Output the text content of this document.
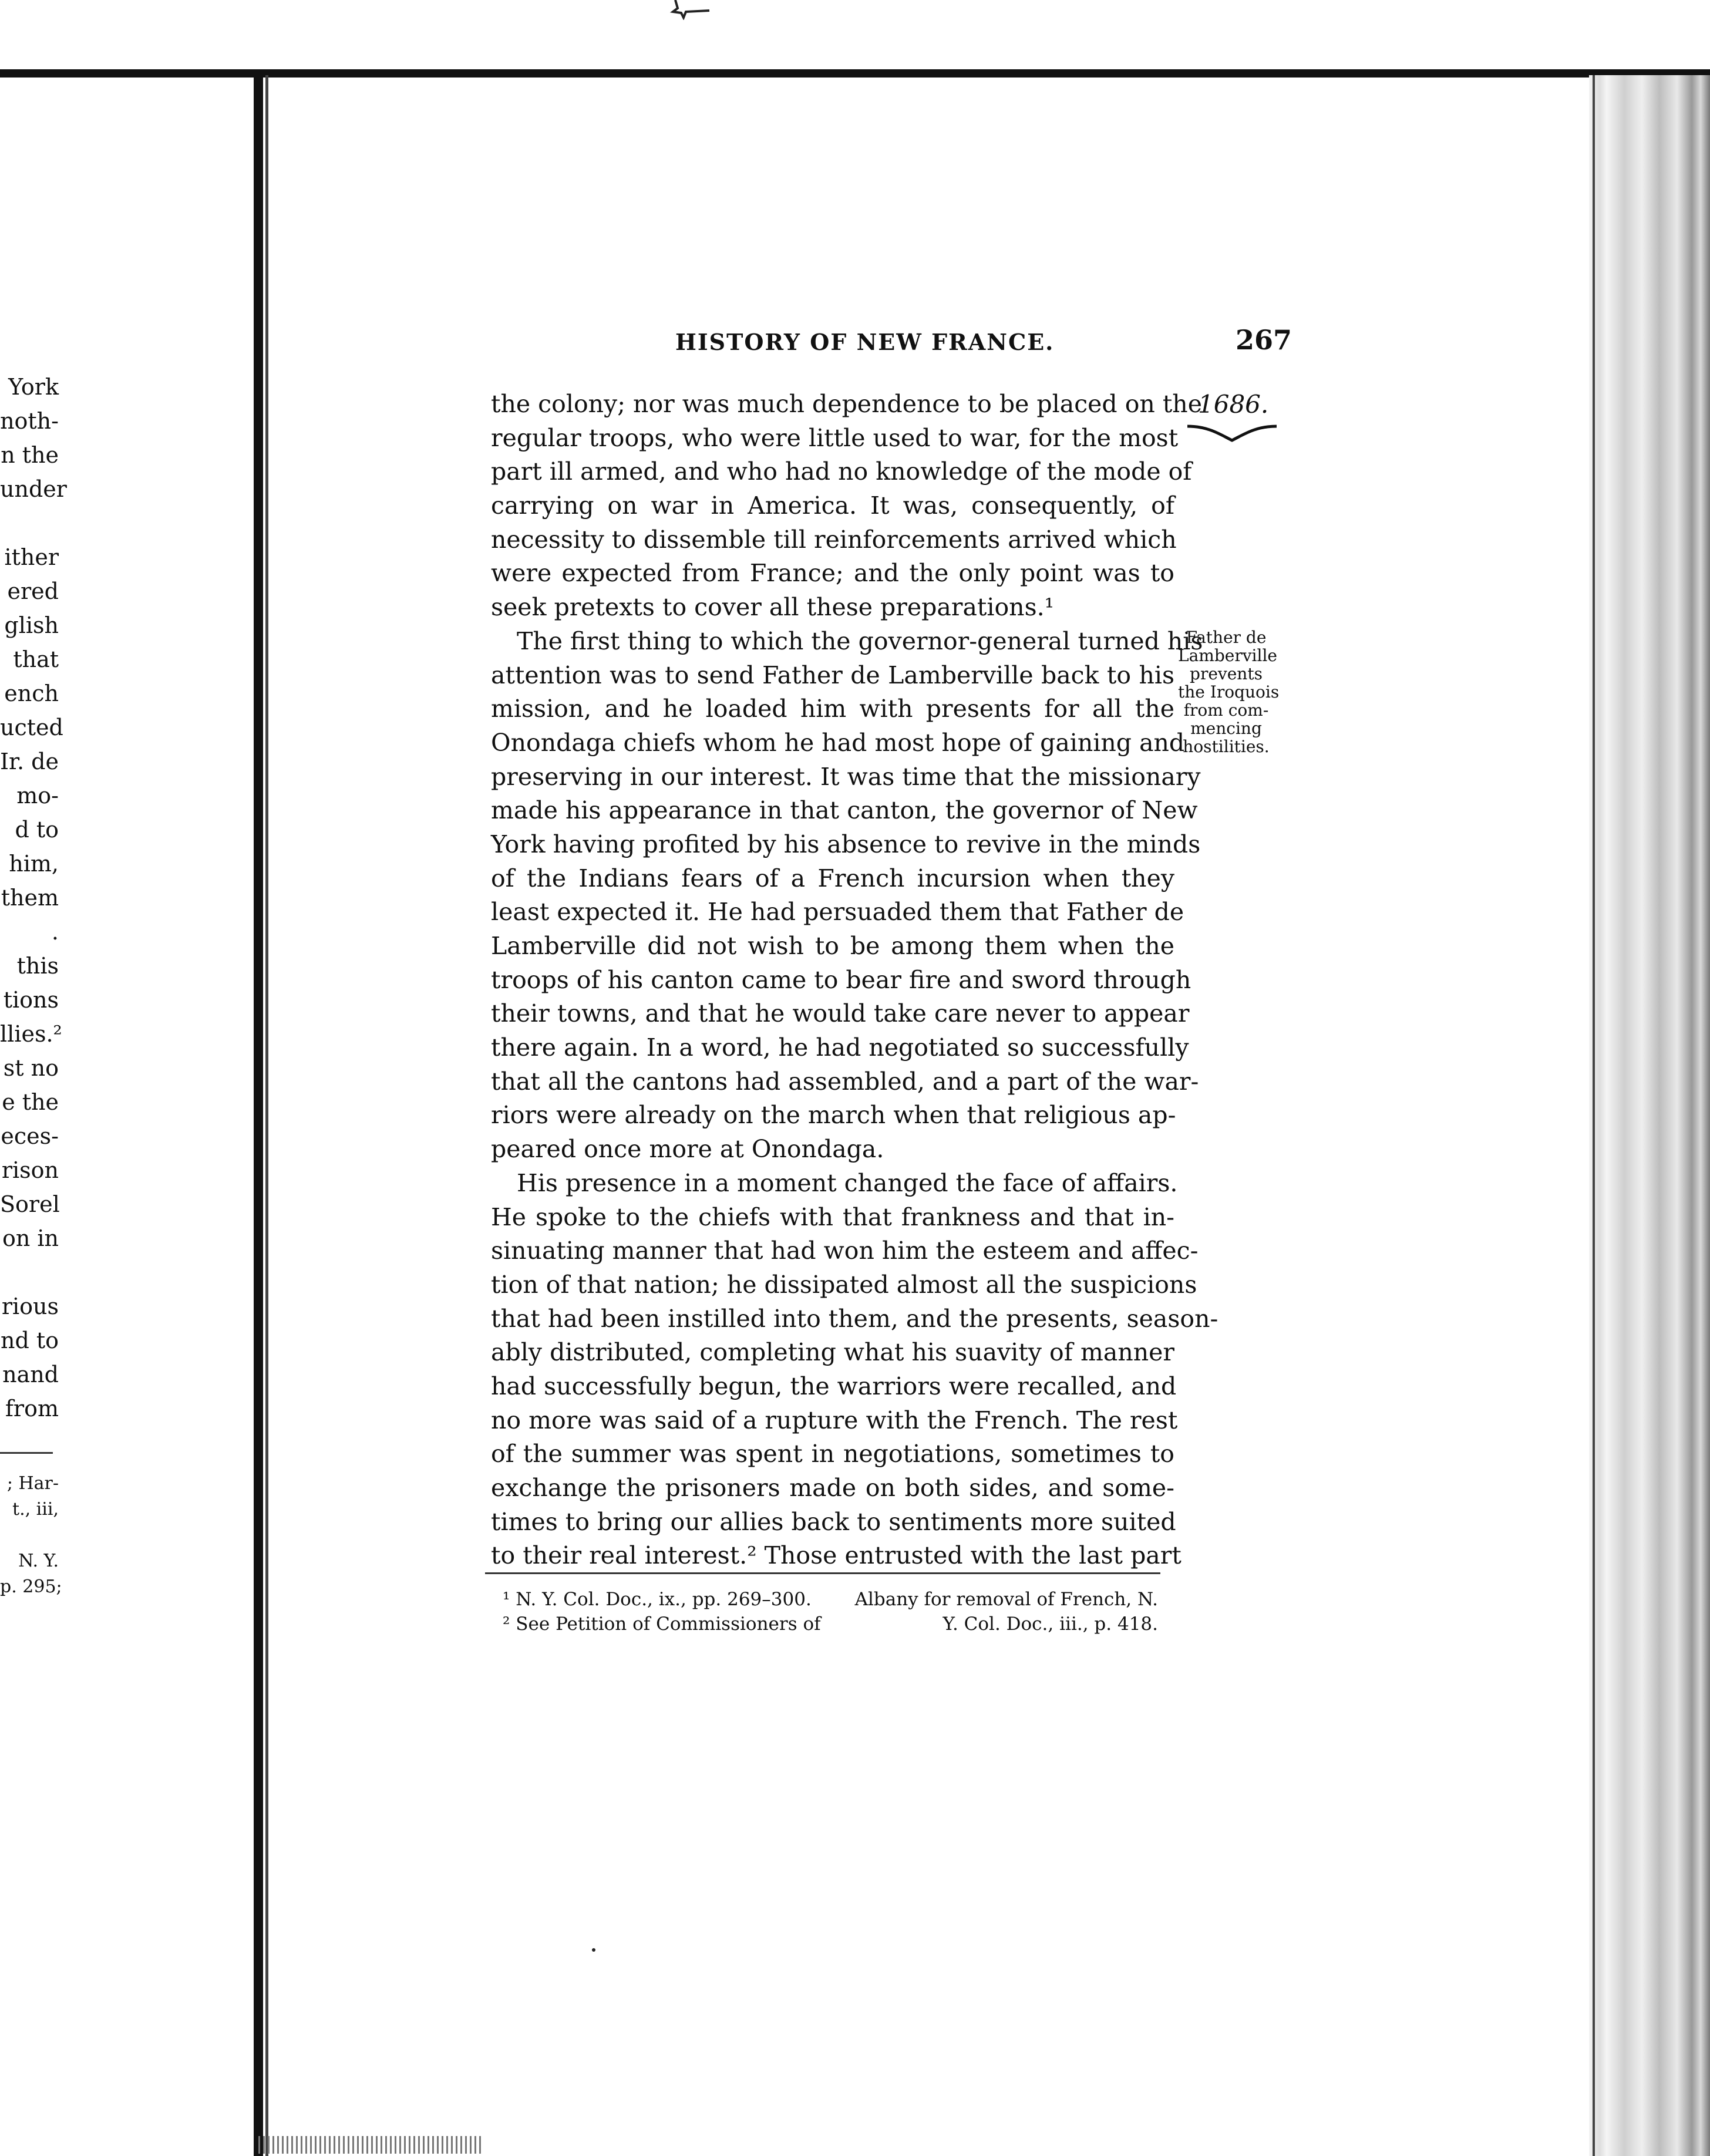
York
noth-
n the
under
ither
ered
glish
that
ench
ucted
Ir. de
mo-
d to
him,
them
.
this
tions
llies.²
st no
e the
eces-
rison
Sorel
on in
rious
nd to
nand
from
; Har-
t., iii,
N. Y.
p. 295;
HISTORY OF NEW FRANCE.	267
1686.
Father de
Lamberville
prevents
the Iroquois
from com-
mencing
hostilities.
the colony; nor was much dependence to be placed on the
regular troops, who were little used to war, for the most
part ill armed, and who had no knowledge of the mode of
carrying on war in America. It was, consequently, of
necessity to dissemble till reinforcements arrived which
were expected from France; and the only point was to
seek pretexts to cover all these preparations.¹
The first thing to which the governor-general turned his
attention was to send Father de Lamberville back to his
mission, and he loaded him with presents for all the
Onondaga chiefs whom he had most hope of gaining and
preserving in our interest. It was time that the missionary
made his appearance in that canton, the governor of New
York having profited by his absence to revive in the minds
of the Indians fears of a French incursion when they
least expected it. He had persuaded them that Father de
Lamberville did not wish to be among them when the
troops of his canton came to bear fire and sword through
their towns, and that he would take care never to appear
there again. In a word, he had negotiated so successfully
that all the cantons had assembled, and a part of the war-
riors were already on the march when that religious ap-
peared once more at Onondaga.
His presence in a moment changed the face of affairs.
He spoke to the chiefs with that frankness and that in-
sinuating manner that had won him the esteem and affec-
tion of that nation; he dissipated almost all the suspicions
that had been instilled into them, and the presents, season-
ably distributed, completing what his suavity of manner
had successfully begun, the warriors were recalled, and
no more was said of a rupture with the French. The rest
of the summer was spent in negotiations, sometimes to
exchange the prisoners made on both sides, and some-
times to bring our allies back to sentiments more suited
to their real interest.² Those entrusted with the last part
¹ N. Y. Col. Doc., ix., pp. 269–300. Albany for removal of French, N.
² See Petition of Commissioners of	Y. Col. Doc., iii., p. 418.
